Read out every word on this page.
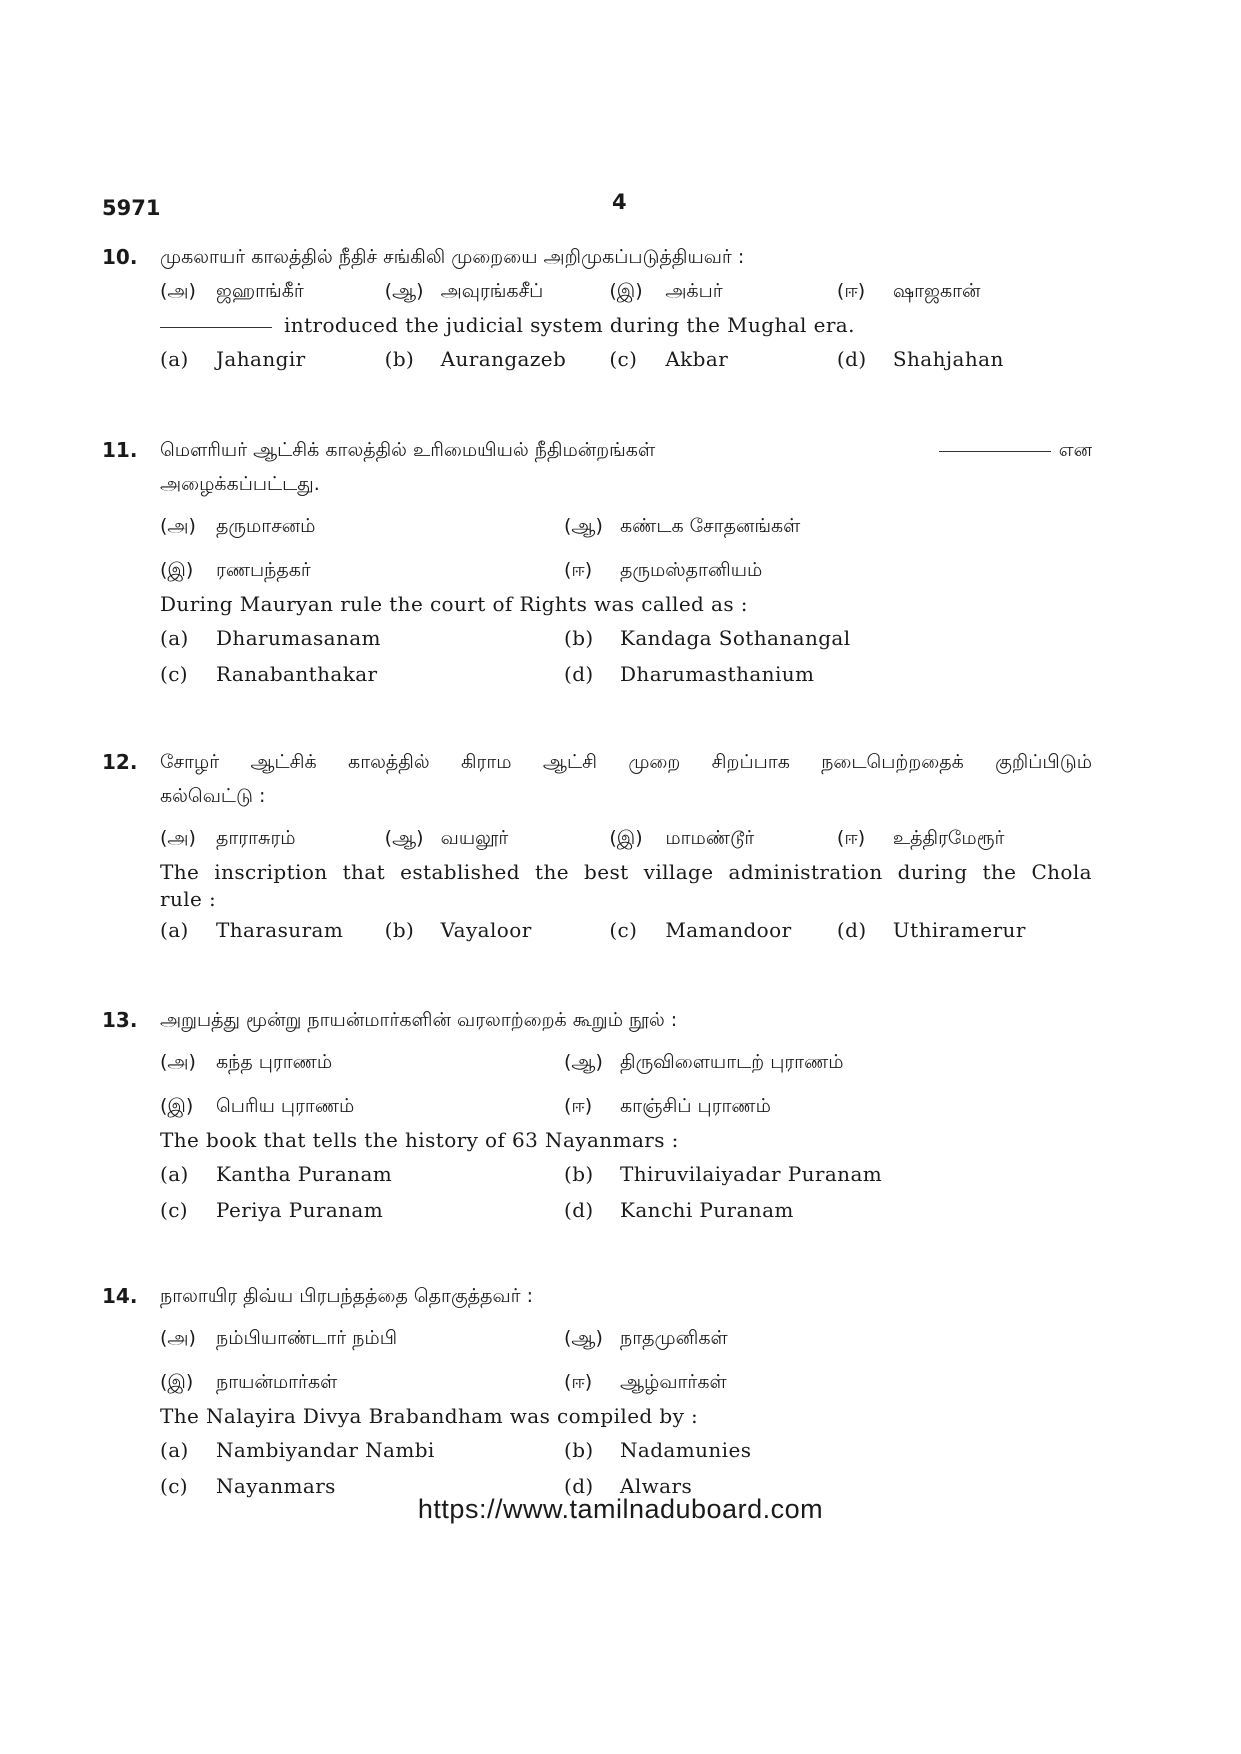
5971	4
10.	முகலாயர் காலத்தில் நீதிச் சங்கிலி முறையை அறிமுகப்படுத்தியவர் :
(அ)	ஜஹாங்கீர்	(ஆ) அவுரங்கசீப்	(இ)	அக்பர்	(ஈ)	ஷாஜகான்
introduced the judicial system during the Mughal era.
(a)	Jahangir	(b)	Aurangazeb (c)	Akbar	(d)	Shahjahan
11.	மௌரியர் ஆட்சிக் காலத்தில் உரிமையியல் நீதிமன்றங்கள்	என
அழைக்கப்பட்டது.
(அ)	தருமாசனம்	(ஆ) கண்டக சோதனங்கள்
(இ)	ரணபந்தகர்	(ஈ)	தருமஸ்தானியம்
During Mauryan rule the court of Rights was called as :
(a)	Dharumasanam	(b)	Kandaga Sothanangal
(c)	Ranabanthakar	(d)	Dharumasthanium
12.	சோழர் ஆட்சிக் காலத்தில் கிராம ஆட்சி முறை சிறப்பாக நடைபெற்றதைக் குறிப்பிடும்
கல்வெட்டு :
(அ)	தாராசுரம்	(ஆ) வயலூர்	(இ)	மாமண்டூர்	(ஈ)	உத்திரமேரூர்
The inscription that established the best village administration during the Chola
rule :
(a)	Tharasuram (b)	Vayaloor	(c)	Mamandoor (d)	Uthiramerur
13.	அறுபத்து மூன்று நாயன்மார்களின் வரலாற்றைக் கூறும் நூல் :
(அ)	கந்த புராணம்	(ஆ) திருவிளையாடற் புராணம்
(இ)	பெரிய புராணம்	(ஈ)	காஞ்சிப் புராணம்
The book that tells the history of 63 Nayanmars :
(a)	Kantha Puranam	(b)	Thiruvilaiyadar Puranam
(c)	Periya Puranam	(d)	Kanchi Puranam
14.	நாலாயிர திவ்ய பிரபந்தத்தை தொகுத்தவர் :
(அ)	நம்பியாண்டார் நம்பி	(ஆ) நாதமுனிகள்
(இ)	நாயன்மார்கள்	(ஈ)	ஆழ்வார்கள்
The Nalayira Divya Brabandham was compiled by :
(a)	Nambiyandar Nambi	(b)	Nadamunies
(c)	Nayanmars	(d)	Alwars
https://www.tamilnaduboard.com
